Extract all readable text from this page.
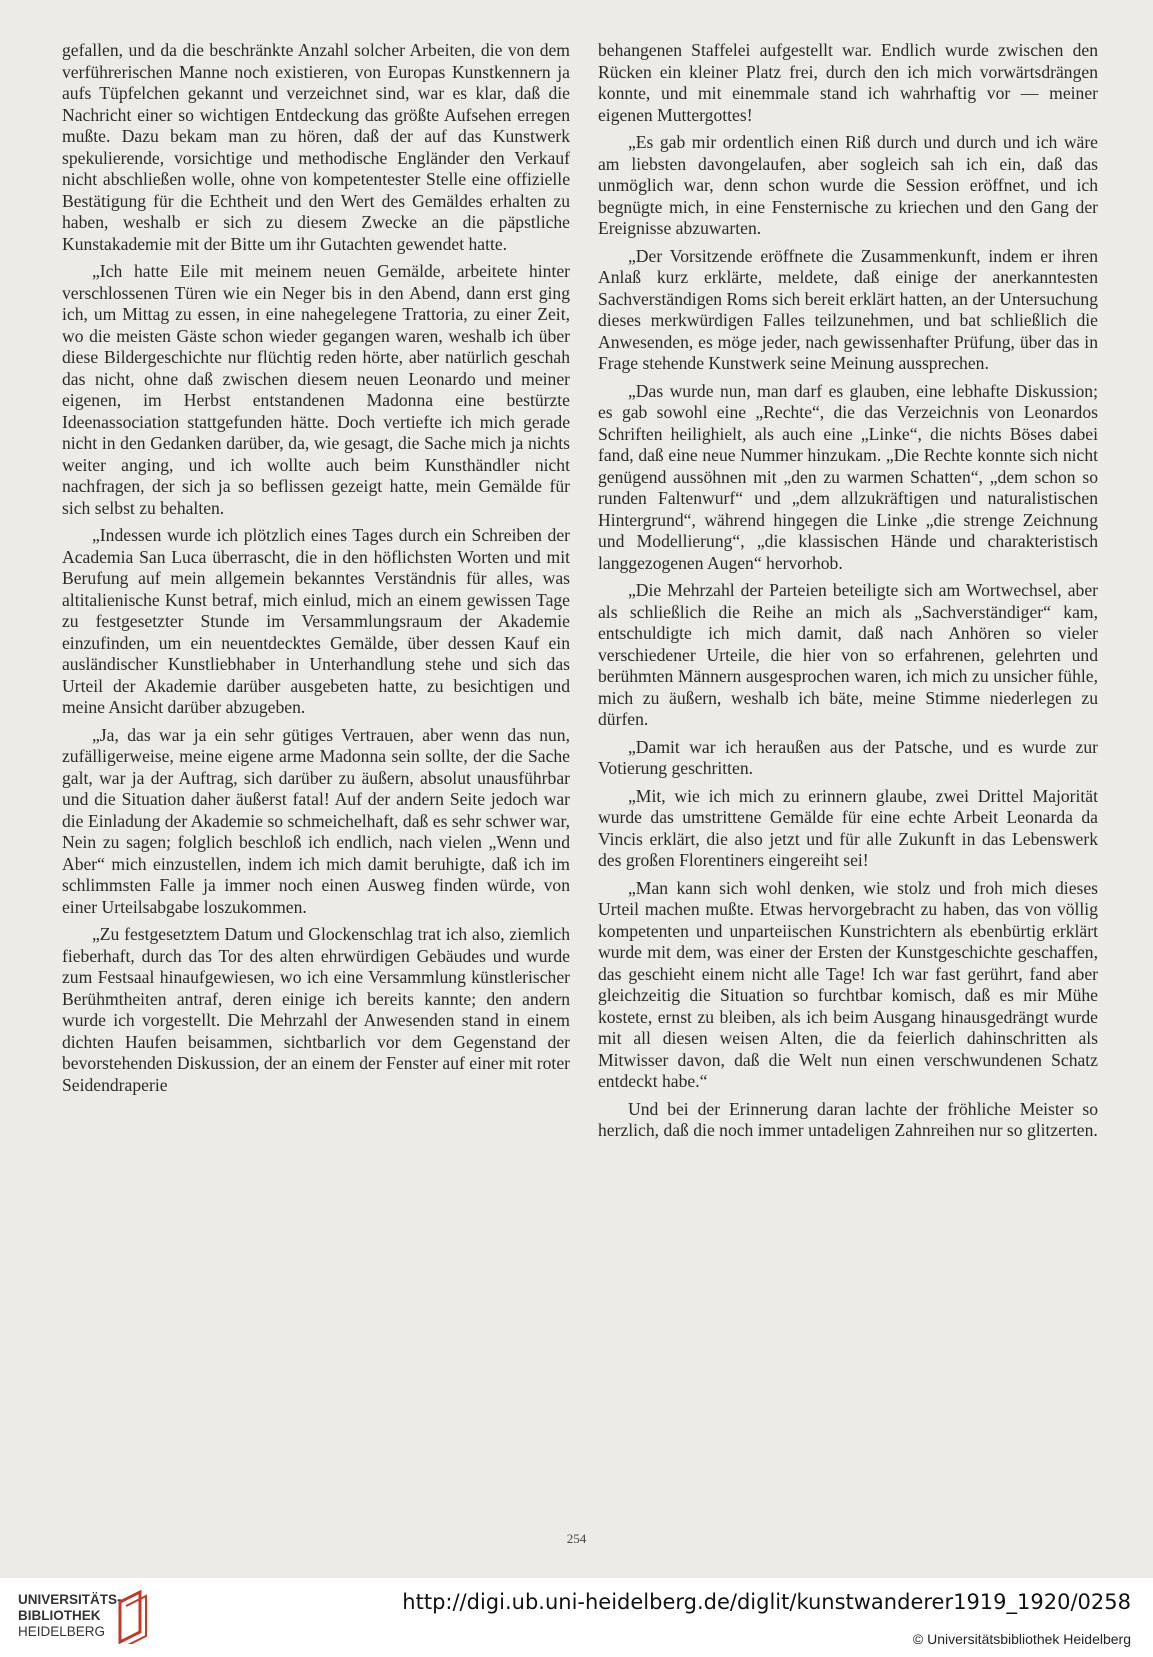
gefallen, und da die beschränkte Anzahl solcher Arbeiten, die von dem verführerischen Manne noch existieren, von Europas Kunstkennern ja aufs Tüpfelchen gekannt und verzeichnet sind, war es klar, daß die Nachricht einer so wichtigen Entdeckung das größte Aufsehen erregen mußte. Dazu bekam man zu hören, daß der auf das Kunstwerk spekulierende, vorsichtige und methodische Engländer den Verkauf nicht abschließen wolle, ohne von kompetentester Stelle eine offizielle Bestätigung für die Echtheit und den Wert des Gemäldes erhalten zu haben, weshalb er sich zu diesem Zwecke an die päpstliche Kunstakademie mit der Bitte um ihr Gutachten gewendet hatte.

„Ich hatte Eile mit meinem neuen Gemälde, arbeitete hinter verschlossenen Türen wie ein Neger bis in den Abend, dann erst ging ich, um Mittag zu essen, in eine nahegelegene Trattoria, zu einer Zeit, wo die meisten Gäste schon wieder gegangen waren, weshalb ich über diese Bildergeschichte nur flüchtig reden hörte, aber natürlich geschah das nicht, ohne daß zwischen diesem neuen Leonardo und meiner eigenen, im Herbst entstandenen Madonna eine bestürzte Ideenassociation stattgefunden hätte. Doch vertiefte ich mich gerade nicht in den Gedanken darüber, da, wie gesagt, die Sache mich ja nichts weiter anging, und ich wollte auch beim Kunsthändler nicht nachfragen, der sich ja so beflissen gezeigt hatte, mein Gemälde für sich selbst zu behalten.

„Indessen wurde ich plötzlich eines Tages durch ein Schreiben der Academia San Luca überrascht, die in den höflichsten Worten und mit Berufung auf mein allgemein bekanntes Verständnis für alles, was altitalienische Kunst betraf, mich einlud, mich an einem gewissen Tage zu festgesetzter Stunde im Versammlungsraum der Akademie einzufinden, um ein neuentdecktes Gemälde, über dessen Kauf ein ausländischer Kunstliebhaber in Unterhandlung stehe und sich das Urteil der Akademie darüber ausgebeten hatte, zu besichtigen und meine Ansicht darüber abzugeben.

„Ja, das war ja ein sehr gütiges Vertrauen, aber wenn das nun, zufälligerweise, meine eigene arme Madonna sein sollte, der die Sache galt, war ja der Auftrag, sich darüber zu äußern, absolut unausführbar und die Situation daher äußerst fatal! Auf der andern Seite jedoch war die Einladung der Akademie so schmeichelhaft, daß es sehr schwer war, Nein zu sagen; folglich beschloß ich endlich, nach vielen „Wenn und Aber“ mich einzustellen, indem ich mich damit beruhigte, daß ich im schlimmsten Falle ja immer noch einen Ausweg finden würde, von einer Urteilsabgabe loszukommen.

„Zu festgesetztem Datum und Glockenschlag trat ich also, ziemlich fieberhaft, durch das Tor des alten ehrwürdigen Gebäudes und wurde zum Festsaal hinaufgewiesen, wo ich eine Versammlung künstlerischer Berühmtheiten antraf, deren einige ich bereits kannte; den andern wurde ich vorgestellt. Die Mehrzahl der Anwesenden stand in einem dichten Haufen beisammen, sichtbarlich vor dem Gegenstand der bevorstehenden Diskussion, der an einem der Fenster auf einer mit roter Seidendraperie

behangenen Staffelei aufgestellt war. Endlich wurde zwischen den Rücken ein kleiner Platz frei, durch den ich mich vorwärtsdrängen konnte, und mit einemmale stand ich wahrhaftig vor — meiner eigenen Muttergottes!

„Es gab mir ordentlich einen Riß durch und durch und ich wäre am liebsten davongelaufen, aber sogleich sah ich ein, daß das unmöglich war, denn schon wurde die Session eröffnet, und ich begnügte mich, in eine Fensternische zu kriechen und den Gang der Ereignisse abzuwarten.

„Der Vorsitzende eröffnete die Zusammenkunft, indem er ihren Anlaß kurz erklärte, meldete, daß einige der anerkanntesten Sachverständigen Roms sich bereit erklärt hatten, an der Untersuchung dieses merkwürdigen Falles teilzunehmen, und bat schließlich die Anwesenden, es möge jeder, nach gewissenhafter Prüfung, über das in Frage stehende Kunstwerk seine Meinung aussprechen.

„Das wurde nun, man darf es glauben, eine lebhafte Diskussion; es gab sowohl eine „Rechte“, die das Verzeichnis von Leonardos Schriften heilighielt, als auch eine „Linke“, die nichts Böses dabei fand, daß eine neue Nummer hinzukam. „Die Rechte konnte sich nicht genügend aussöhnen mit „den zu warmen Schatten“, „dem schon so runden Faltenwurf“ und „dem allzukräftigen und naturalistischen Hintergrund“, während hingegen die Linke „die strenge Zeichnung und Modellierung“, „die klassischen Hände und charakteristisch langgezogenen Augen“ hervorhob.

„Die Mehrzahl der Parteien beteiligte sich am Wortwechsel, aber als schließlich die Reihe an mich als „Sachverständiger“ kam, entschuldigte ich mich damit, daß nach Anhören so vieler verschiedener Urteile, die hier von so erfahrenen, gelehrten und berühmten Männern ausgesprochen waren, ich mich zu unsicher fühle, mich zu äußern, weshalb ich bäte, meine Stimme niederlegen zu dürfen.

„Damit war ich heraußen aus der Patsche, und es wurde zur Votierung geschritten.

„Mit, wie ich mich zu erinnern glaube, zwei Drittel Majorität wurde das umstrittene Gemälde für eine echte Arbeit Leonarda da Vincis erklärt, die also jetzt und für alle Zukunft in das Lebenswerk des großen Florentiners eingereiht sei!

„Man kann sich wohl denken, wie stolz und froh mich dieses Urteil machen mußte. Etwas hervorgebracht zu haben, das von völlig kompetenten und unparteiischen Kunstrichtern als ebenbürtig erklärt wurde mit dem, was einer der Ersten der Kunstgeschichte geschaffen, das geschieht einem nicht alle Tage! Ich war fast gerührt, fand aber gleichzeitig die Situation so furchtbar komisch, daß es mir Mühe kostete, ernst zu bleiben, als ich beim Ausgang hinausgedrängt wurde mit all diesen weisen Alten, die da feierlich dahinschritten als Mitwisser davon, daß die Welt nun einen verschwundenen Schatz entdeckt habe.“

Und bei der Erinnerung daran lachte der fröhliche Meister so herzlich, daß die noch immer untadeligen Zahnreihen nur so glitzerten.

254
UNIVERSITÄTS-
BIBLIOTHEK
HEIDELBERG
http://digi.ub.uni-heidelberg.de/diglit/kunstwanderer1919_1920/0258
© Universitätsbibliothek Heidelberg
